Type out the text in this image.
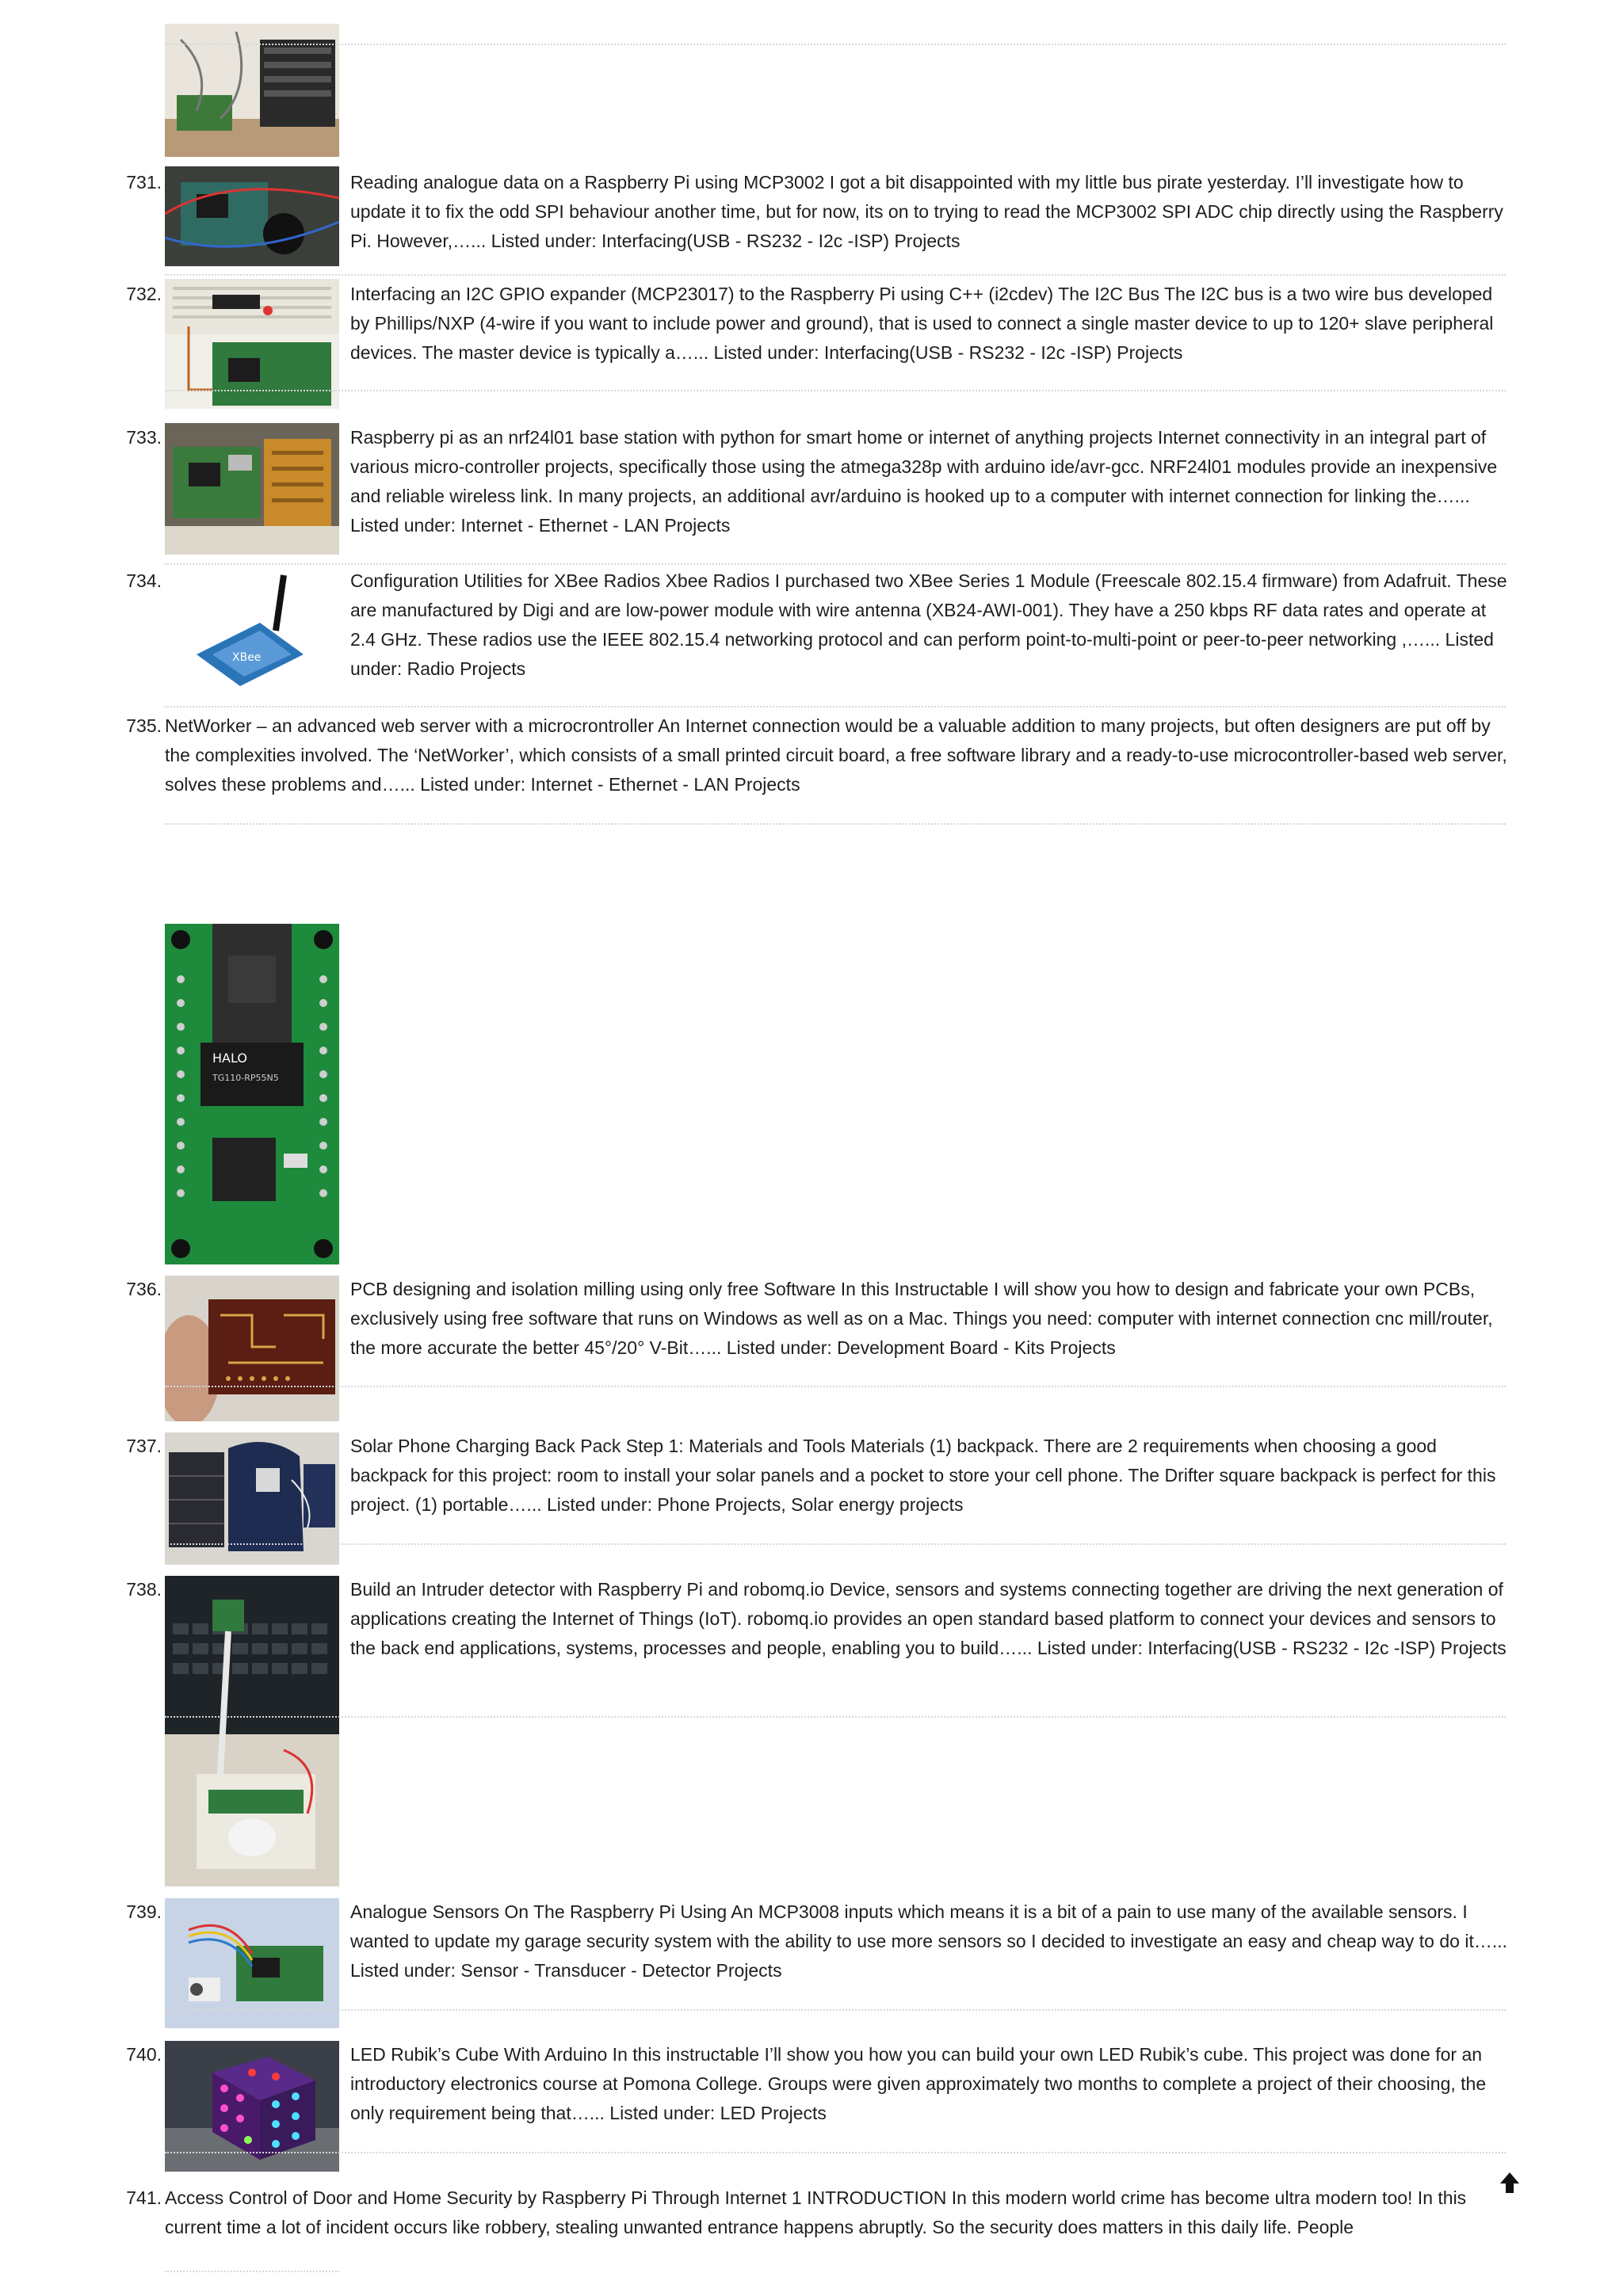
731.	Reading analogue data on a Raspberry Pi using MCP3002 I got a bit disappointed with my little bus pirate yesterday. I’ll investigate how to update it to fix the odd SPI behaviour another time, but for now, its on to trying to read the MCP3002 SPI ADC chip directly using the Raspberry Pi. However,…... Listed under: Interfacing(USB - RS232 - I2c -ISP) Projects

732.	Interfacing an I2C GPIO expander (MCP23017) to the Raspberry Pi using C++ (i2cdev) The I2C Bus The I2C bus is a two wire bus developed by Phillips/NXP (4-wire if you want to include power and ground), that is used to connect a single master device to up to 120+ slave peripheral devices. The master device is typically a…... Listed under: Interfacing(USB - RS232 - I2c -ISP) Projects

733.	Raspberry pi as an nrf24l01 base station with python for smart home or internet of anything projects Internet connectivity in an integral part of various micro-controller projects, specifically those using the atmega328p with arduino ide/avr-gcc. NRF24l01 modules provide an inexpensive and reliable wireless link. In many projects, an additional avr/arduino is hooked up to a computer with internet connection for linking the…... Listed under: Internet - Ethernet - LAN Projects

734.
XBee

Configuration Utilities for XBee Radios Xbee Radios I purchased two XBee Series 1 Module (Freescale 802.15.4 firmware) from Adafruit. These are manufactured by Digi and are low-power module with wire antenna (XB24-AWI-001). They have a 250 kbps RF data rates and operate at 2.4 GHz. These radios use the IEEE 802.15.4 networking protocol and can perform point-to-multi-point or peer-to-peer networking ,…... Listed under: Radio Projects

735. NetWorker – an advanced web server with a microcrontroller An Internet connection would be a valuable addition to many projects, but often designers are put off by the complexities involved. The ‘NetWorker’, which consists of a small printed circuit board, a free software library and a ready-to-use microcontroller-based web server, solves these problems and…... Listed under: Internet - Ethernet - LAN Projects

HALO
TG110-RP55N5
736.	PCB designing and isolation milling using only free Software In this Instructable I will show you how to design and fabricate your own PCBs, exclusively using free software that runs on Windows as well as on a Mac. Things you need: computer with internet connection cnc mill/router, the more accurate the better 45°/20° V-Bit…... Listed under: Development Board - Kits Projects

737.	Solar Phone Charging Back Pack Step 1: Materials and Tools Materials (1) backpack. There are 2 requirements when choosing a good backpack for this project: room to install your solar panels and a pocket to store your cell phone. The Drifter square backpack is perfect for this project. (1) portable…... Listed under: Phone Projects, Solar energy projects

738.	Build an Intruder detector with Raspberry Pi and robomq.io Device, sensors and systems connecting together are driving the next generation of applications creating the Internet of Things (IoT). robomq.io provides an open standard based platform to connect your devices and sensors to the back end applications, systems, processes and people, enabling you to build…... Listed under: Interfacing(USB - RS232 - I2c -ISP) Projects

739.	Analogue Sensors On The Raspberry Pi Using An MCP3008 inputs which means it is a bit of a pain to use many of the available sensors. I wanted to update my garage security system with the ability to use more sensors so I decided to investigate an easy and cheap way to do it…... Listed under: Sensor - Transducer - Detector Projects

740.	LED Rubik’s Cube With Arduino In this instructable I’ll show you how you can build your own LED Rubik’s cube. This project was done for an introductory electronics course at Pomona College. Groups were given approximately two months to complete a project of their choosing, the only requirement being that…... Listed under: LED Projects

741. Access Control of Door and Home Security by Raspberry Pi Through Internet 1 INTRODUCTION In this modern world crime has become ultra modern too! In this current time a lot of incident occurs like robbery, stealing unwanted entrance happens abruptly. So the security does matters in this daily life. People
